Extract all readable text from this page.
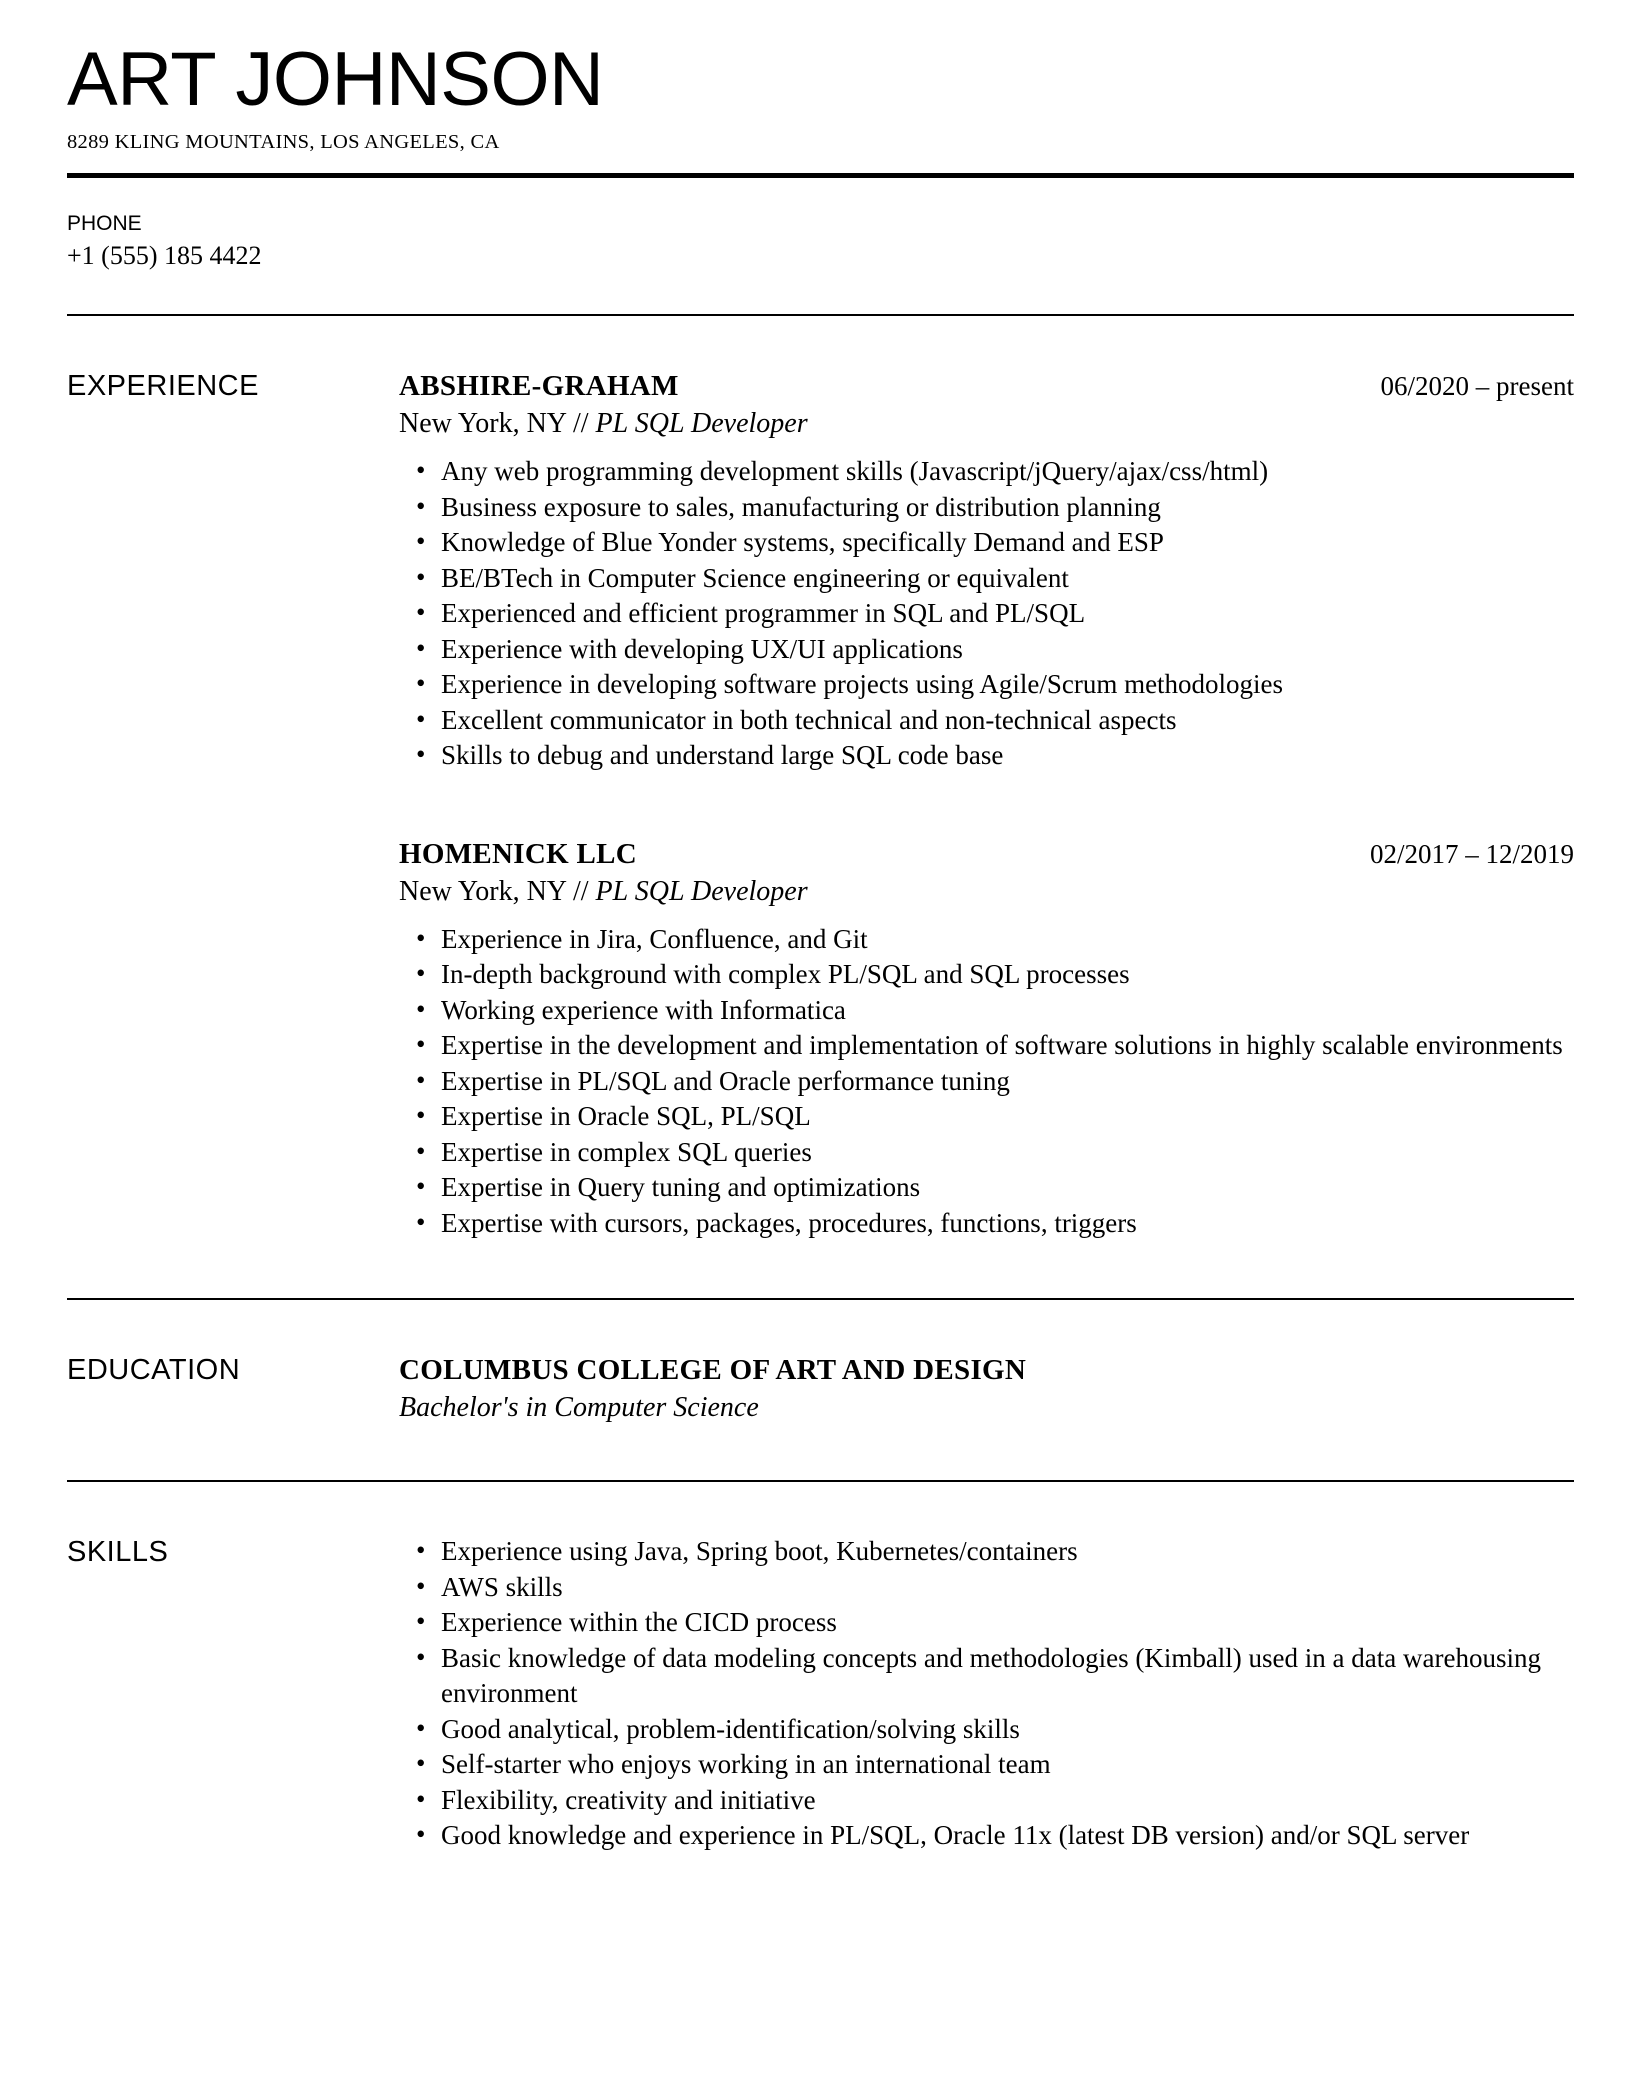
ART JOHNSON
8289 KLING MOUNTAINS, LOS ANGELES, CA
PHONE
+1 (555) 185 4422
EXPERIENCE	ABSHIRE-GRAHAM	06/2020 – present
New York, NY // PL SQL Developer
• Any web programming development skills (Javascript/jQuery/ajax/css/html)
• Business exposure to sales, manufacturing or distribution planning
• Knowledge of Blue Yonder systems, specifically Demand and ESP
• BE/BTech in Computer Science engineering or equivalent
• Experienced and efficient programmer in SQL and PL/SQL
• Experience with developing UX/UI applications
• Experience in developing software projects using Agile/Scrum methodologies
• Excellent communicator in both technical and non-technical aspects
• Skills to debug and understand large SQL code base
HOMENICK LLC	02/2017 – 12/2019
New York, NY // PL SQL Developer
• Experience in Jira, Confluence, and Git
• In-depth background with complex PL/SQL and SQL processes
• Working experience with Informatica
• Expertise in the development and implementation of software solutions in highly scalable environments
• Expertise in PL/SQL and Oracle performance tuning
• Expertise in Oracle SQL, PL/SQL
• Expertise in complex SQL queries
• Expertise in Query tuning and optimizations
• Expertise with cursors, packages, procedures, functions, triggers
EDUCATION	COLUMBUS COLLEGE OF ART AND DESIGN
Bachelor's in Computer Science
SKILLS	• Experience using Java, Spring boot, Kubernetes/containers
• AWS skills
• Experience within the CICD process
• Basic knowledge of data modeling concepts and methodologies (Kimball) used in a data warehousing environment
• Good analytical, problem-identification/solving skills
• Self-starter who enjoys working in an international team
• Flexibility, creativity and initiative
• Good knowledge and experience in PL/SQL, Oracle 11x (latest DB version) and/or SQL server
